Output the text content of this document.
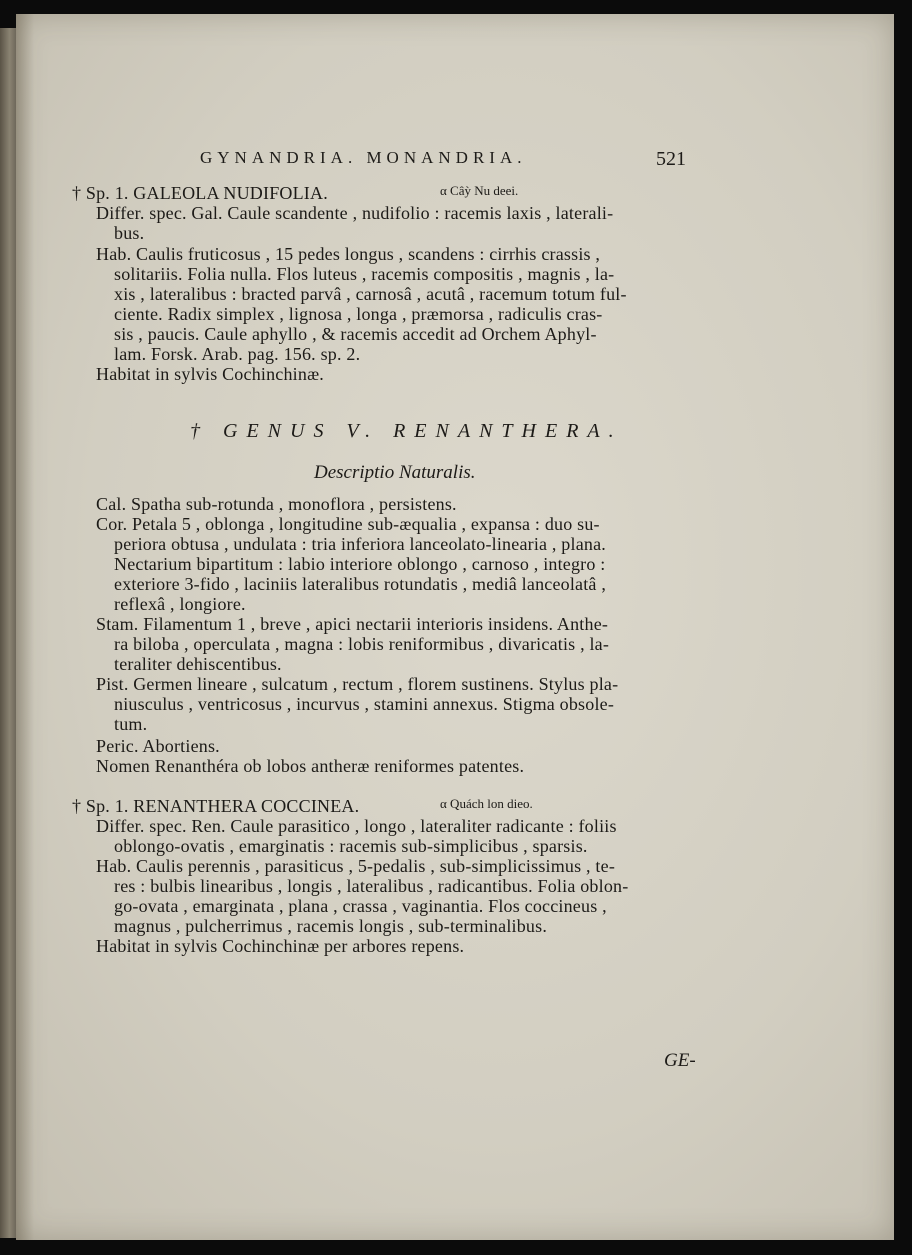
GYNANDRIA. MONANDRIA.	521
† Sp. 1. GALEOLA NUDIFOLIA.	α Câỳ Nu deei.
Differ. spec. Gal. Caule scandente , nudifolio : racemis laxis , laterali-
bus.
Hab. Caulis fruticosus , 15 pedes longus , scandens : cirrhis crassis ,
solitariis. Folia nulla. Flos luteus , racemis compositis , magnis , la-
xis , lateralibus : bracted parvâ , carnosâ , acutâ , racemum totum ful-
ciente. Radix simplex , lignosa , longa , præmorsa , radiculis cras-
sis , paucis. Caule aphyllo , & racemis accedit ad Orchem Aphyl-
lam. Forsk. Arab. pag. 156. sp. 2.
Habitat in sylvis Cochinchinæ.
† GENUS V. RENANTHERA.
Descriptio Naturalis.
Cal. Spatha sub-rotunda , monoflora , persistens.
Cor. Petala 5 , oblonga , longitudine sub-æqualia , expansa : duo su-
periora obtusa , undulata : tria inferiora lanceolato-linearia , plana.
Nectarium bipartitum : labio interiore oblongo , carnoso , integro :
exteriore 3-fido , laciniis lateralibus rotundatis , mediâ lanceolatâ ,
reflexâ , longiore.
Stam. Filamentum 1 , breve , apici nectarii interioris insidens. Anthe-
ra biloba , operculata , magna : lobis reniformibus , divaricatis , la-
teraliter dehiscentibus.
Pist. Germen lineare , sulcatum , rectum , florem sustinens. Stylus pla-
niusculus , ventricosus , incurvus , stamini annexus. Stigma obsole-
tum.
Peric. Abortiens.
Nomen Renanthéra ob lobos antheræ reniformes patentes.
† Sp. 1. RENANTHERA COCCINEA.	α Quách lon dieo.
Differ. spec. Ren. Caule parasitico , longo , lateraliter radicante : foliis
oblongo-ovatis , emarginatis : racemis sub-simplicibus , sparsis.
Hab. Caulis perennis , parasiticus , 5-pedalis , sub-simplicissimus , te-
res : bulbis linearibus , longis , lateralibus , radicantibus. Folia oblon-
go-ovata , emarginata , plana , crassa , vaginantia. Flos coccineus ,
magnus , pulcherrimus , racemis longis , sub-terminalibus.
Habitat in sylvis Cochinchinæ per arbores repens.
GE-
